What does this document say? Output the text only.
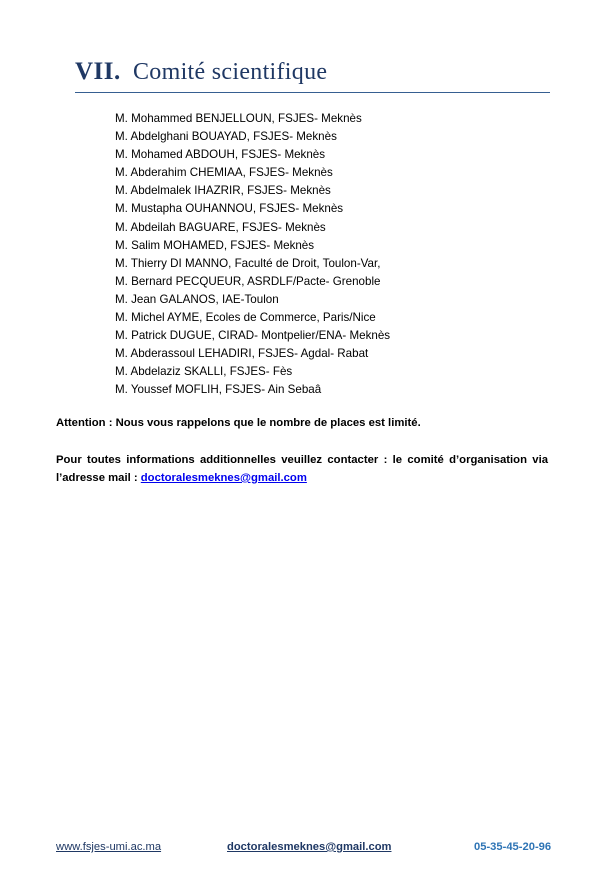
VII. Comité scientifique
M. Mohammed BENJELLOUN, FSJES- Meknès
M. Abdelghani BOUAYAD, FSJES- Meknès
M. Mohamed ABDOUH, FSJES- Meknès
M. Abderahim CHEMIAA, FSJES- Meknès
M. Abdelmalek IHAZRIR, FSJES- Meknès
M. Mustapha OUHANNOU, FSJES- Meknès
M. Abdeilah BAGUARE, FSJES- Meknès
M. Salim MOHAMED, FSJES- Meknès
M. Thierry DI MANNO, Faculté de Droit, Toulon-Var,
M. Bernard PECQUEUR, ASRDLF/Pacte- Grenoble
M. Jean GALANOS, IAE-Toulon
M. Michel AYME, Ecoles de Commerce, Paris/Nice
M. Patrick DUGUE, CIRAD- Montpelier/ENA- Meknès
M. Abderassoul LEHADIRI, FSJES- Agdal- Rabat
M. Abdelaziz SKALLI, FSJES- Fès
M. Youssef MOFLIH, FSJES- Ain Sebaâ
Attention : Nous vous rappelons que le nombre de places est limité.
Pour toutes informations additionnelles veuillez contacter : le comité d’organisation via
l’adresse mail : doctoralesmeknes@gmail.com
www.fsjes-umi.ac.ma	doctoralesmeknes@gmail.com	05-35-45-20-96
